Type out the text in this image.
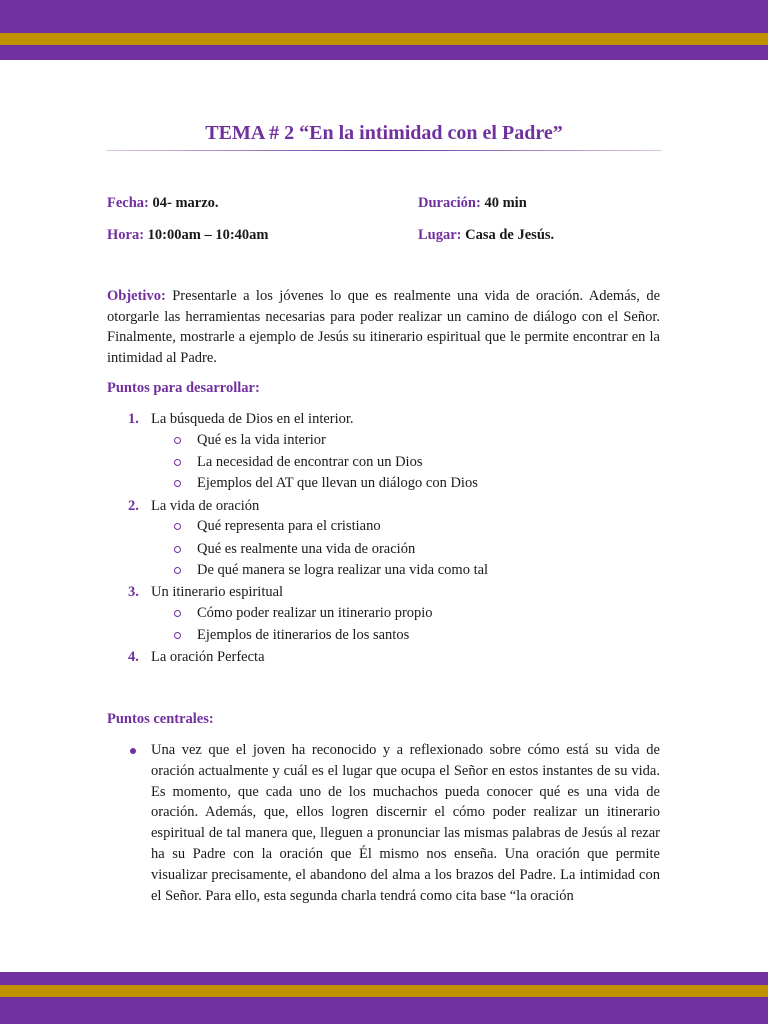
TEMA # 2 “En la intimidad con el Padre”
Fecha: 04- marzo.	Duración: 40 min
Hora: 10:00am – 10:40am	Lugar: Casa de Jesús.
Objetivo: Presentarle a los jóvenes lo que es realmente una vida de oración. Además, de otorgarle las herramientas necesarias para poder realizar un camino de diálogo con el Señor. Finalmente, mostrarle a ejemplo de Jesús su itinerario espiritual que le permite encontrar en la intimidad al Padre.
Puntos para desarrollar:
1. La búsqueda de Dios en el interior.
Qué es la vida interior
La necesidad de encontrar con un Dios
Ejemplos del AT que llevan un diálogo con Dios
2. La vida de oración
Qué representa para el cristiano
Qué es realmente una vida de oración
De qué manera se logra realizar una vida como tal
3. Un itinerario espiritual
Cómo poder realizar un itinerario propio
Ejemplos de itinerarios de los santos
4. La oración Perfecta
Puntos centrales:
Una vez que el joven ha reconocido y a reflexionado sobre cómo está su vida de oración actualmente y cuál es el lugar que ocupa el Señor en estos instantes de su vida. Es momento, que cada uno de los muchachos pueda conocer qué es una vida de oración. Además, que, ellos logren discernir el cómo poder realizar un itinerario espiritual de tal manera que, lleguen a pronunciar las mismas palabras de Jesús al rezar ha su Padre con la oración que Él mismo nos enseña. Una oración que permite visualizar precisamente, el abandono del alma a los brazos del Padre. La intimidad con el Señor. Para ello, esta segunda charla tendrá como cita base “la oración
